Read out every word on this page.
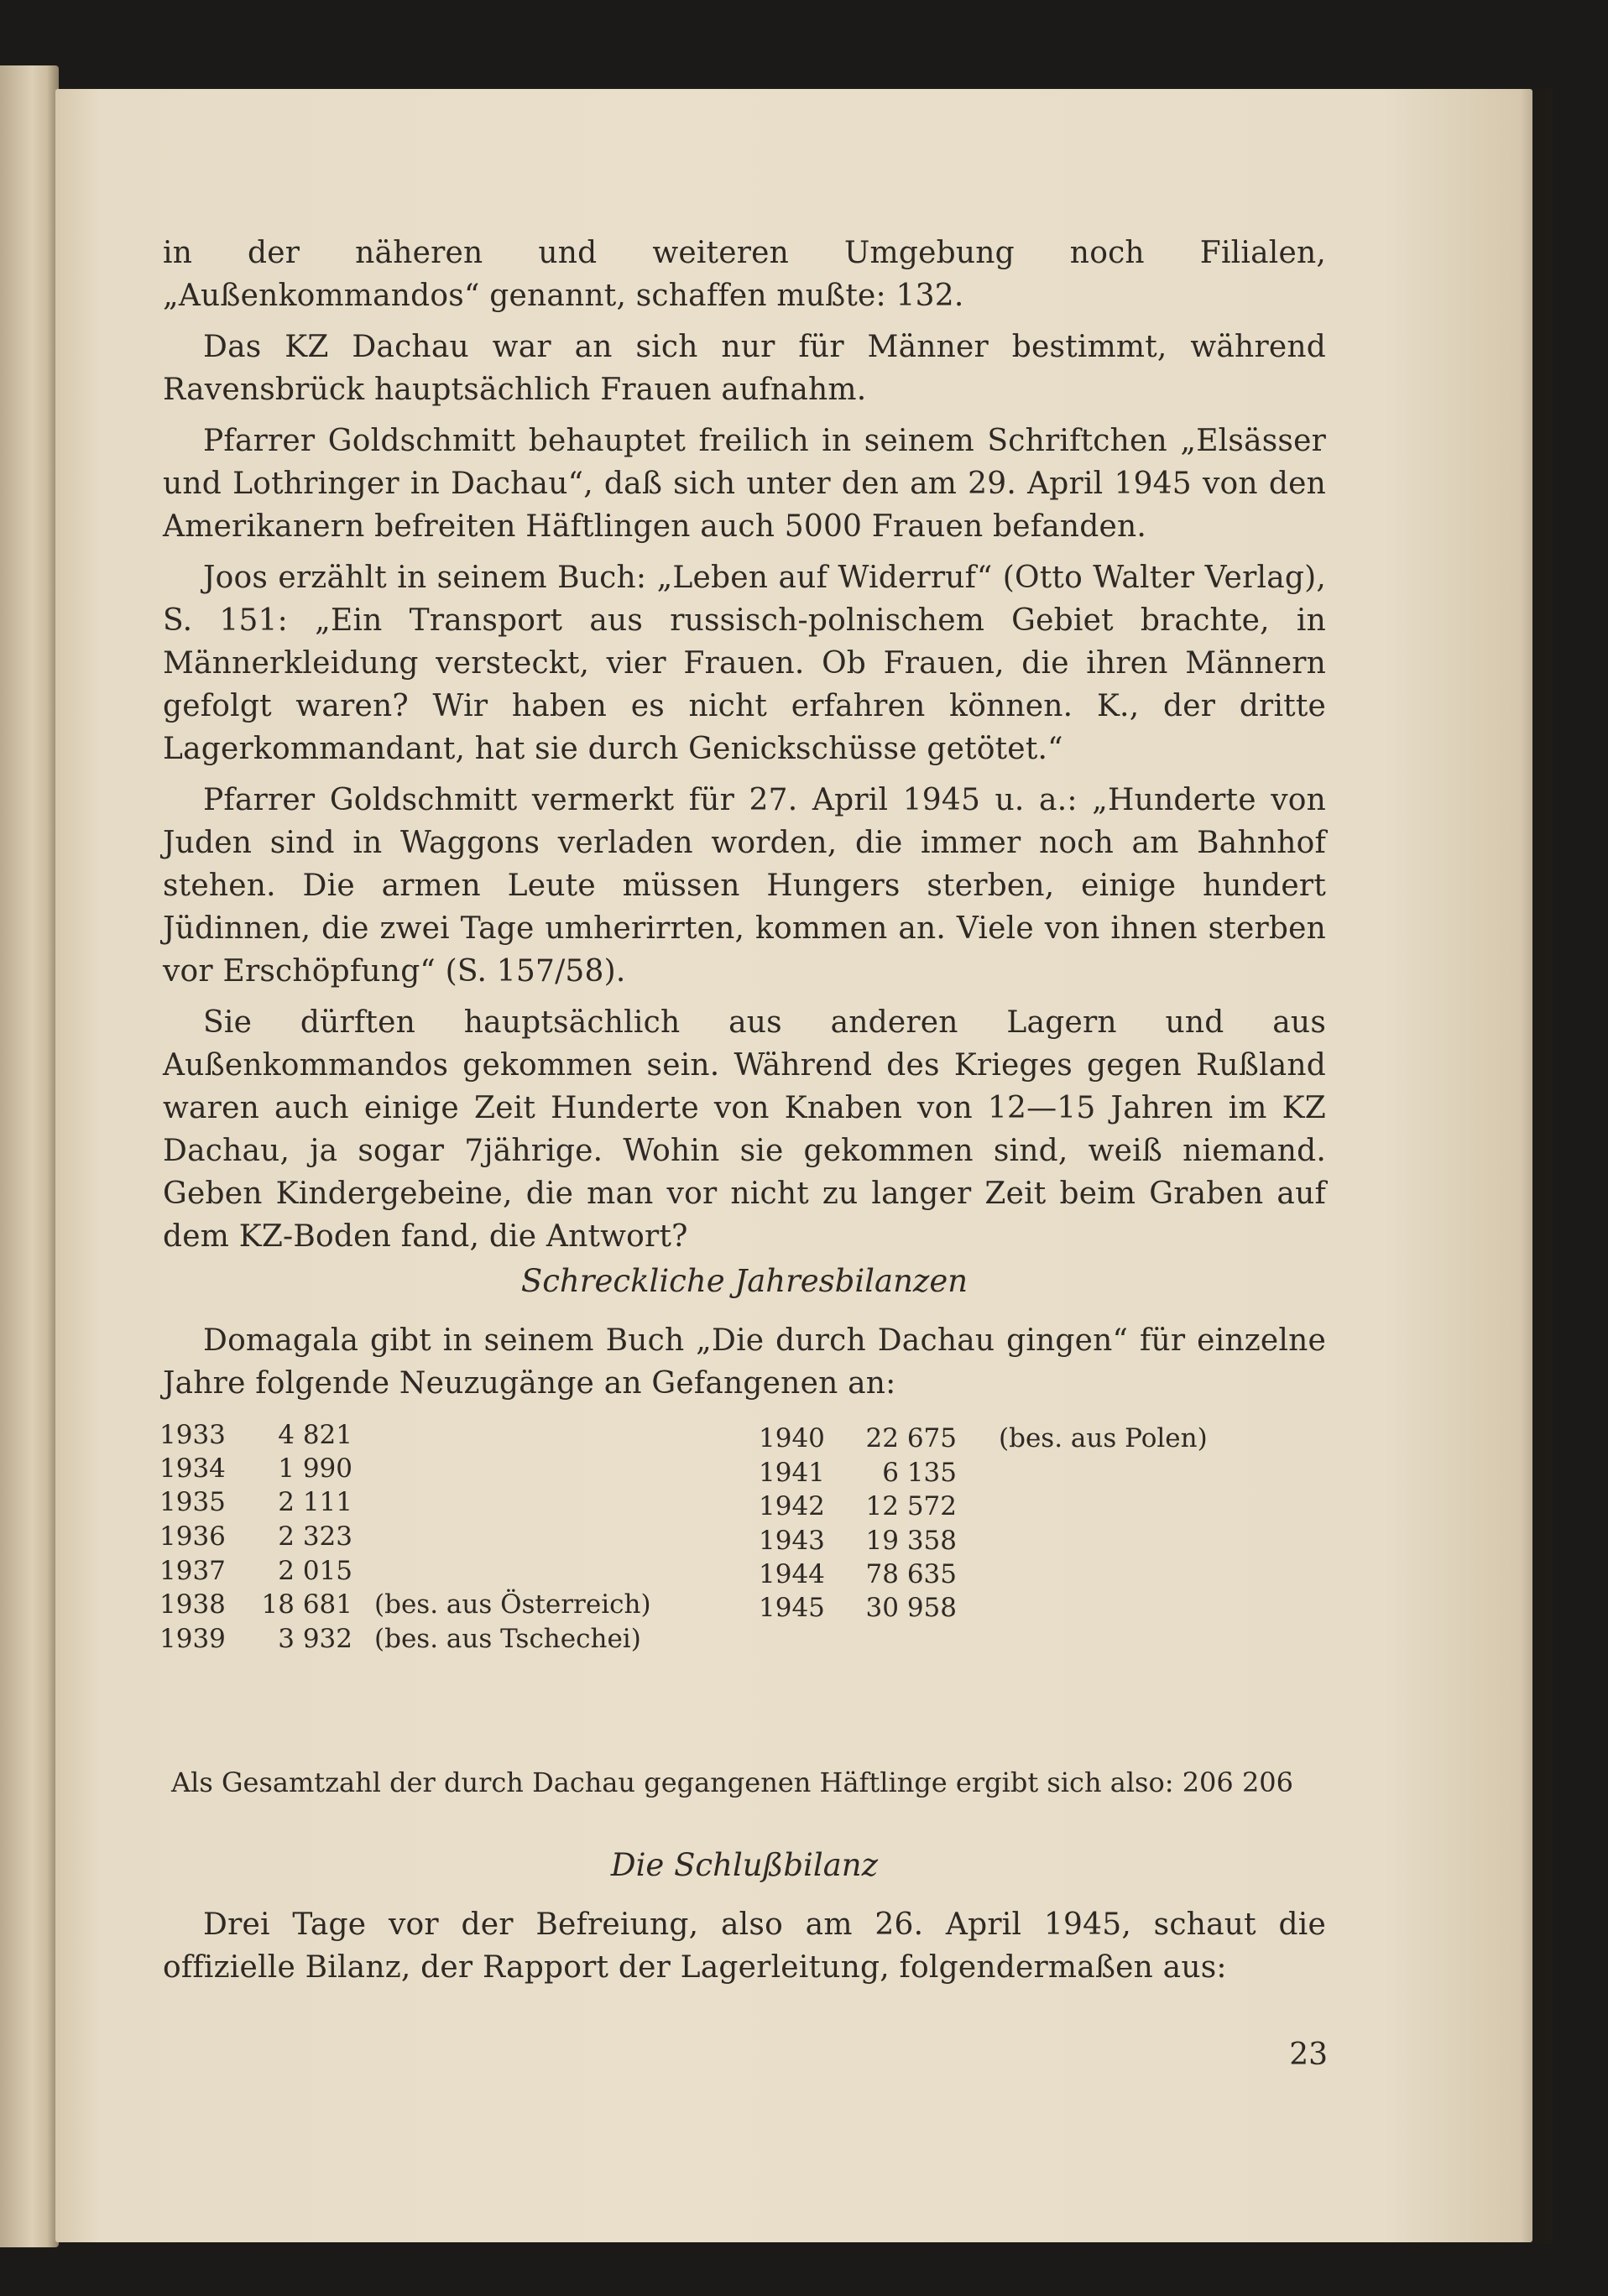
in der näheren und weiteren Umgebung noch Filialen, „Außenkommandos“ genannt, schaffen mußte: 132.

Das KZ Dachau war an sich nur für Männer bestimmt, während Ravensbrück hauptsächlich Frauen aufnahm.

Pfarrer Goldschmitt behauptet freilich in seinem Schriftchen „Elsässer und Lothringer in Dachau“, daß sich unter den am 29. April 1945 von den Amerikanern befreiten Häftlingen auch 5000 Frauen befanden.

Joos erzählt in seinem Buch: „Leben auf Widerruf“ (Otto Walter Verlag), S. 151: „Ein Transport aus russisch-polnischem Gebiet brachte, in Männerkleidung versteckt, vier Frauen. Ob Frauen, die ihren Männern gefolgt waren? Wir haben es nicht erfahren können. K., der dritte Lagerkommandant, hat sie durch Genickschüsse getötet.“

Pfarrer Goldschmitt vermerkt für 27. April 1945 u. a.: „Hunderte von Juden sind in Waggons verladen worden, die immer noch am Bahnhof stehen. Die armen Leute müssen Hungers sterben, einige hundert Jüdinnen, die zwei Tage umherirrten, kommen an. Viele von ihnen sterben vor Erschöpfung“ (S. 157/58).

Sie dürften hauptsächlich aus anderen Lagern und aus Außenkommandos gekommen sein. Während des Krieges gegen Rußland waren auch einige Zeit Hunderte von Knaben von 12—15 Jahren im KZ Dachau, ja sogar 7jährige. Wohin sie gekommen sind, weiß niemand. Geben Kindergebeine, die man vor nicht zu langer Zeit beim Graben auf dem KZ-Boden fand, die Antwort?

Schreckliche Jahresbilanzen

Domagala gibt in seinem Buch „Die durch Dachau gingen“ für einzelne Jahre folgende Neuzugänge an Gefangenen an:

1933	4 821
1934	1 990
1935	2 111
1936	2 323
1937	2 015
1938	18 681 (bes. aus Österreich)
1939	3 932 (bes. aus Tschechei)
1940	22 675 (bes. aus Polen)
1941	6 135
1942	12 572
1943	19 358
1944	78 635
1945	30 958
Als Gesamtzahl der durch Dachau gegangenen Häftlinge ergibt sich also: 206 206
Die Schlußbilanz

Drei Tage vor der Befreiung, also am 26. April 1945, schaut die offizielle Bilanz, der Rapport der Lagerleitung, folgendermaßen aus:

23
